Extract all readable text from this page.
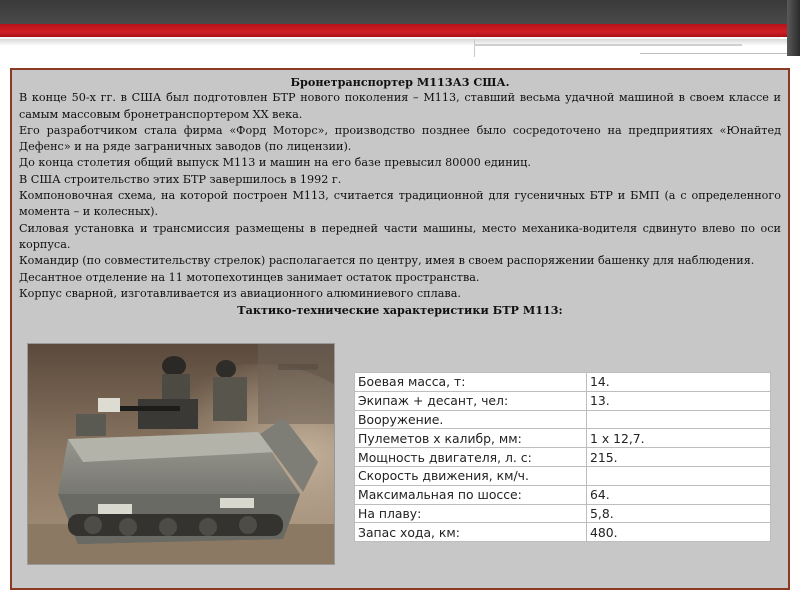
Бронетранспортер М113А3 США.

В конце 50-х гг. в США был подготовлен БТР нового поколения – М113, ставший весьма удачной машиной в своем классе и самым массовым бронетранспортером XX века.

Его разработчиком стала фирма «Форд Моторс», производство позднее было сосредоточено на предприятиях «Юнайтед Дефенс» и на ряде заграничных заводов (по лицензии).

До конца столетия общий выпуск М113 и машин на его базе превысил 80000 единиц.

В США строительство этих БТР завершилось в 1992 г.

Компоновочная схема, на которой построен М113, считается традиционной для гусеничных БТР и БМП (а с определенного момента – и колесных).

Силовая установка и трансмиссия размещены в передней части машины, место механика-водителя сдвинуто влево по оси корпуса.

Командир (по совместительству стрелок) располагается по центру, имея в своем распоряжении башенку для наблюдения.

Десантное отделение на 11 мотопехотинцев занимает остаток пространства.

Корпус сварной, изготавливается из авиационного алюминиевого сплава.

Тактико-технические характеристики БТР М113:
Боевая масса, т:	14.
Экипаж + десант, чел:	13.
Вооружение.	
Пулеметов х калибр, мм:	1 х 12,7.
Мощность двигателя, л. с:	215.
Скорость движения, км/ч.	
Максимальная по шоссе:	64.
На плаву:	5,8.
Запас хода, км:	480.
